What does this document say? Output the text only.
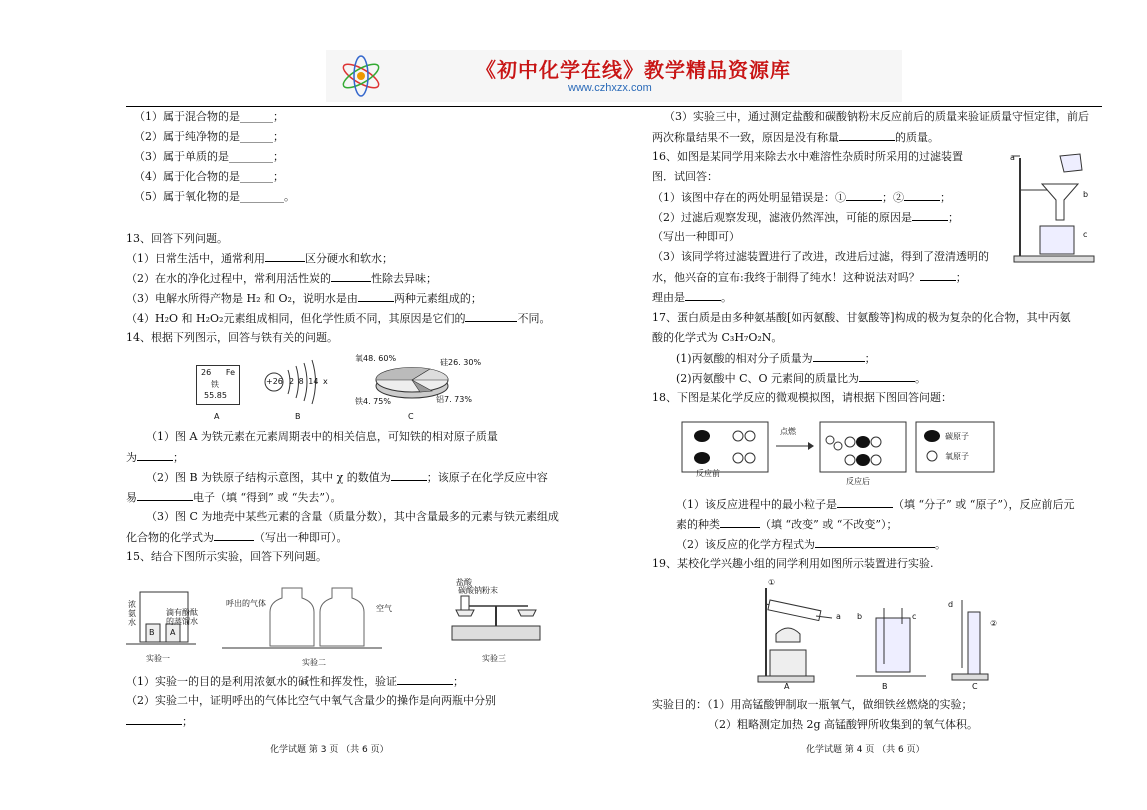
《初中化学在线》教学精品资源库
www.czhxzx.com
（1）属于混合物的是______；
（2）属于纯净物的是______；
（3）属于单质的是________；
（4）属于化合物的是______；
（5）属于氧化物的是________。
13、回答下列问题。
（1）日常生活中，通常利用	区分硬水和软水；
（2）在水的净化过程中，常利用活性炭的	性除去异味；
（3）电解水所得产物是 H₂ 和 O₂，说明水是由	两种元素组成的；
（4）H₂O 和 H₂O₂元素组成相同，但化学性质不同，其原因是它们的	不同。
14、根据下列图示，回答与铁有关的问题。
26 Fe
铁
55.85
A
+26 2 8 14 x
B
氧48. 60%	硅26. 30%
铁4. 75%	铝7. 73%
C
（1）图 A 为铁元素在元素周期表中的相关信息，可知铁的相对原子质量
为	；
（2）图 B 为铁原子结构示意图，其中 χ 的数值为	；该原子在化学反应中容
易	电子（填 “得到” 或 “失去”）。
（3）图 C 为地壳中某些元素的含量（质量分数），其中含量最多的元素与铁元素组成
化合物的化学式为	（写出一种即可）。
15、结合下图所示实验，回答下列问题。
浓
氨
水
滴有酚酞
的蒸馏水
B A
实验一
呼出的气体
空气
实验二
盐酸
碳酸钠粉末
实验三
（1）实验一的目的是利用浓氨水的碱性和挥发性，验证	；
（2）实验二中，证明呼出的气体比空气中氧气含量少的操作是向两瓶中分别
；
化学试题 第 3 页 （共 6 页）
（3）实验三中，通过测定盐酸和碳酸钠粉末反应前后的质量来验证质量守恒定律，前后
两次称量结果不一致，原因是没有称量	的质量。
16、如图是某同学用来除去水中难溶性杂质时所采用的过滤装置
图．试回答：
（1）该图中存在的两处明显错误是：①	；②	；
（2）过滤后观察发现，滤液仍然浑浊，可能的原因是	；
（写出一种即可）
（3）该同学将过滤装置进行了改进，改进后过滤，得到了澄清透明的
水，他兴奋的宣布:我终于制得了纯水！这种说法对吗？	；
理由是	。
a
b
c
17、蛋白质是由多种氨基酸[如丙氨酸、甘氨酸等]构成的极为复杂的化合物，其中丙氨
酸的化学式为 C₃H₇O₂N。
(1)丙氨酸的相对分子质量为	；
(2)丙氨酸中 C、O 元素间的质量比为	。
18、下图是某化学反应的微观模拟图，请根据下图回答问题：
点燃
反应前
反应后
碳原子
氧原子
（1）该反应进程中的最小粒子是	（填 “分子” 或 “原子”），反应前后元
素的种类	（填 “改变” 或 “不改变”）；
（2）该反应的化学方程式为	。
19、某校化学兴趣小组的同学利用如图所示装置进行实验.
①
a b	c
d
②
A	B	C
实验目的：（1）用高锰酸钾制取一瓶氧气，做细铁丝燃烧的实验；
（2）粗略测定加热 2g 高锰酸钾所收集到的氧气体积。
化学试题 第 4 页 （共 6 页）
